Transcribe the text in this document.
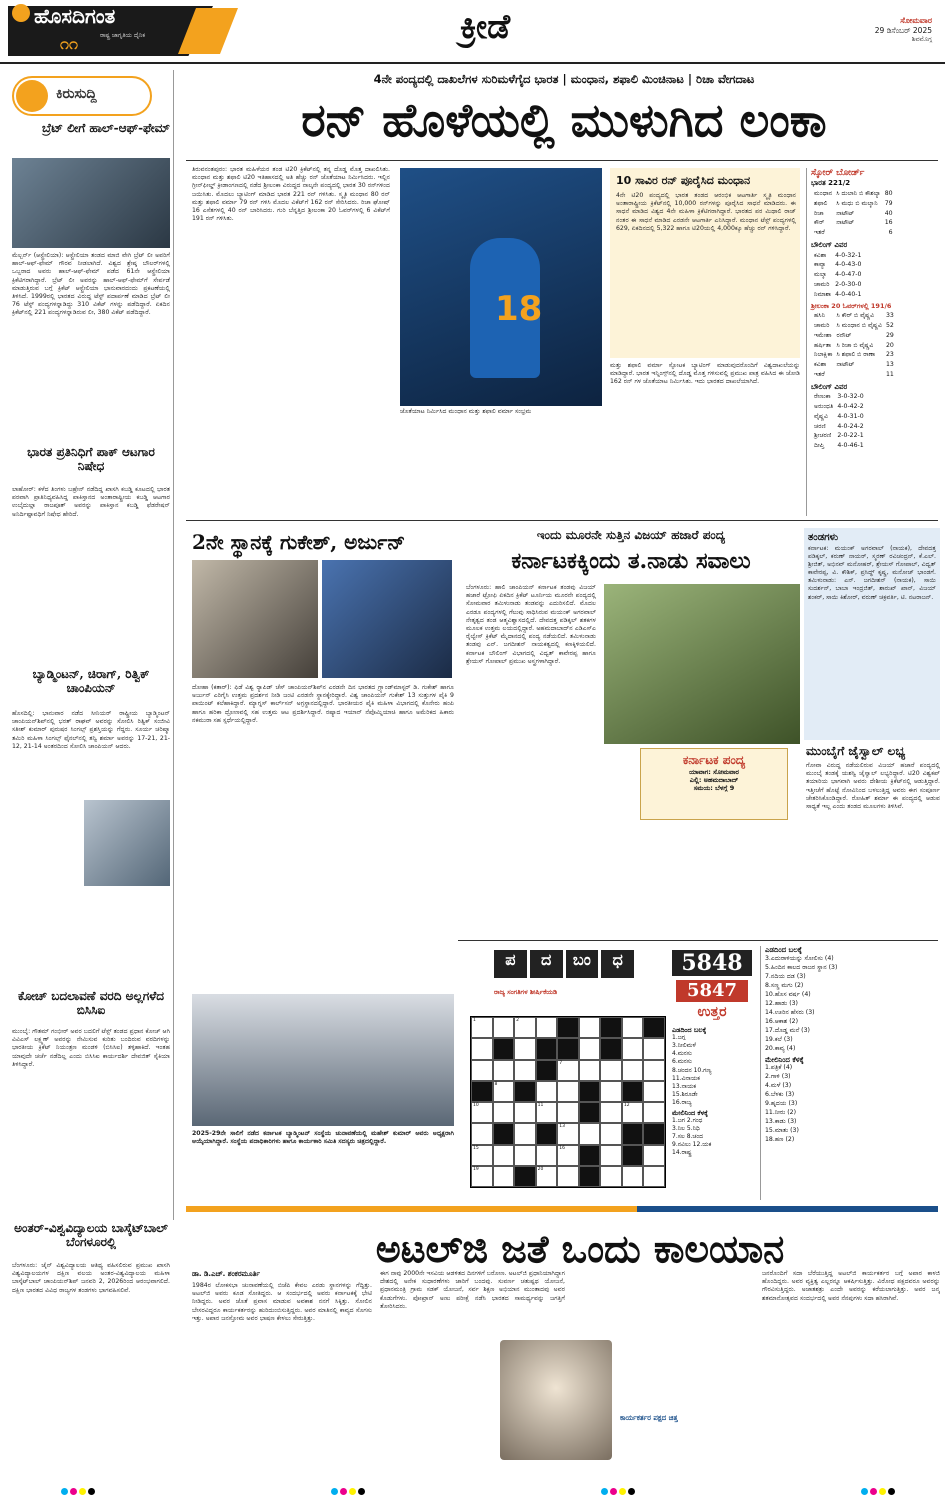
ಹೊಸದಿಗಂತ
ರಾಷ್ಟ್ರ ಜಾಗೃತಿಯ ದೈನಿಕ
೧೧	ಕ್ರೀಡೆ	ಸೋಮವಾರ
29 ಡಿಸೆಂಬರ್ 2025
ಶಿವಮೊಗ್ಗ
ಕಿರುಸುದ್ದಿ
ಬ್ರೆಟ್ ಲೀಗೆ ಹಾಲ್-ಆಫ್-ಫೇಮ್
ಮೆಲ್ಬರ್ನ್ (ಆಸ್ಟ್ರೇಲಿಯಾ): ಆಸ್ಟ್ರೇಲಿಯಾ ತಂಡದ ಮಾಜಿ ವೇಗಿ ಬ್ರೆಟ್ ಲೀ ಅವರಿಗೆ ಹಾಲ್-ಆಫ್-ಫೇಮ್ ಗೌರವ ನೀಡಲಾಗಿದೆ. ವಿಶ್ವದ ಶ್ರೇಷ್ಠ ಬೌಲರ್‌ಗಳಲ್ಲಿ ಒಬ್ಬರಾದ ಅವರು ಹಾಲ್-ಆಫ್-ಫೇಮ್ ಪಡೆದ 61ನೇ ಆಸ್ಟ್ರೇಲಿಯಾ ಕ್ರಿಕೆಟಿಗರಾಗಿದ್ದಾರೆ. ಬ್ರೆಟ್ ಲೀ ಅವರನ್ನು ಹಾಲ್-ಆಫ್-ಫೇಮ್‌ಗೆ ಸೇರ್ಪಡೆ ಮಾಡುತ್ತಿರುವ ಬಗ್ಗೆ ಕ್ರಿಕೆಟ್ ಆಸ್ಟ್ರೇಲಿಯಾ ಭಾನುವಾರದಂದು ಪ್ರಕಟಣೆಯಲ್ಲಿ ತಿಳಿಸಿದೆ. 1999ರಲ್ಲಿ ಭಾರತದ ವಿರುದ್ಧ ಟೆಸ್ಟ್ ಪದಾರ್ಪಣೆ ಮಾಡಿದ ಬ್ರೆಟ್ ಲೀ 76 ಟೆಸ್ಟ್ ಪಂದ್ಯಗಳನ್ನಾಡಿದ್ದು 310 ವಿಕೆಟ್ ಗಳನ್ನು ಪಡೆದಿದ್ದಾರೆ. ಏಕದಿನ ಕ್ರಿಕೆಟ್‌ನಲ್ಲಿ 221 ಪಂದ್ಯಗಳನ್ನಾಡಿರುವ ಲೀ, 380 ವಿಕೆಟ್ ಪಡೆದಿದ್ದಾರೆ.
ಭಾರತ ಪ್ರತಿನಿಧಿಗೆ ಪಾಕ್ ಆಟಗಾರ ನಿಷೇಧ
ಲಾಹೋರ್: ಕಳೆದ ತಿಂಗಳು ಬಹ್ರೇನ್ ನಡೆದಿದ್ದ ಖಾಸಗಿ ಕಬಡ್ಡಿ ಕೂಟದಲ್ಲಿ ಭಾರತ ಪರವಾಗಿ ಪ್ರಾತಿನಿಧ್ಯವಹಿಸಿದ್ದ ಪಾಕಿಸ್ತಾನದ ಅಂತಾರಾಷ್ಟ್ರೀಯ ಕಬಡ್ಡಿ ಆಟಗಾರ ಉಬೈದುಲ್ಲಾ ರಾಜಪೂತ್ ಅವರನ್ನು ಪಾಕಿಸ್ತಾನ ಕಬಡ್ಡಿ ಫೆಡರೇಷನ್ ಅನಿರ್ದಿಷ್ಟಾವಧಿಗೆ ನಿಷೇಧ ಹೇರಿದೆ.
ಬ್ಯಾಡ್ಮಿಂಟನ್, ಚಿರಾಗ್, ರಿತ್ವಿಕ್ ಚಾಂಪಿಯನ್
ಹೊಸದಿಲ್ಲಿ: ಭಾನುವಾರ ನಡೆದ ಸೀನಿಯರ್ ರಾಷ್ಟ್ರೀಯ ಬ್ಯಾಡ್ಮಿಂಟನ್ ಚಾಂಪಿಯನ್‌ಶಿಪ್‌ನಲ್ಲಿ ಭರತ್ ರಾಘವ್ ಅವರನ್ನು ಸೋಲಿಸಿ ರಿತ್ವಿಕ್ ಸಂಜೀವಿ ಸತೀಶ್ ಕುಮಾರ್ ಪುರುಷರ ಸಿಂಗಲ್ಸ್ ಪ್ರಶಸ್ತಿಯನ್ನು ಗೆದ್ದರು. ಸೂರ್ಯ ಚರಿಷ್ಮಾ ತಮಿರಿ ಮಹಿಳಾ ಸಿಂಗಲ್ಸ್ ಫೈನಲ್‌ನಲ್ಲಿ ತನ್ವಿ ಶರ್ಮಾ ಅವರನ್ನು 17-21, 21-12, 21-14 ಅಂತರದಿಂದ ಸೋಲಿಸಿ ಚಾಂಪಿಯನ್ ಆದರು.
ಕೋಚ್ ಬದಲಾವಣೆ ವರದಿ ಅಲ್ಲಗಳೆದ ಬಿಸಿಸಿಐ
ಮುಂಬೈ: ಗೌತಮ್ ಗಂಭೀರ್ ಅವರ ಬದಲಿಗೆ ಟೆಸ್ಟ್ ತಂಡದ ಪ್ರಧಾನ ಕೋಚ್ ಆಗಿ ವಿವಿಎಸ್ ಲಕ್ಷ್ಮಣ್ ಅವರನ್ನು ನೇಮಿಸುವ ಕುರಿತು ಬಂದಿರುವ ವರದಿಗಳನ್ನು ಭಾರತೀಯ ಕ್ರಿಕೆಟ್ ನಿಯಂತ್ರಣ ಮಂಡಳಿ (ಬಿಸಿಸಿಐ) ತಳ್ಳಿಹಾಕಿದೆ. ಇಂತಹ ಯಾವುದೇ ಚರ್ಚೆ ನಡೆದಿಲ್ಲ ಎಂದು ಬಿಸಿಸಿಐ ಕಾರ್ಯದರ್ಶಿ ದೇವಜಿತ್ ಸೈಕಿಯಾ ತಿಳಿಸಿದ್ದಾರೆ.
ಅಂತರ್-ವಿಶ್ವವಿದ್ಯಾಲಯ ಬಾಸ್ಕೆಟ್‌ಬಾಲ್ ಬೆಂಗಳೂರಲ್ಲಿ
ಬೆಂಗಳೂರು: ಜೈನ್ ವಿಶ್ವವಿದ್ಯಾಲಯ ಆತಿಥ್ಯ ವಹಿಸಲಿರುವ ಪ್ರಮುಖ ಖಾಸಗಿ ವಿಶ್ವವಿದ್ಯಾಲಯಗಳ ದಕ್ಷಿಣ ವಲಯ ಅಂತರ-ವಿಶ್ವವಿದ್ಯಾಲಯ ಮಹಿಳಾ ಬಾಸ್ಕೆಟ್‌ಬಾಲ್ ಚಾಂಪಿಯನ್‌ಶಿಪ್ ಜನವರಿ 2, 2026ರಿಂದ ಆರಂಭವಾಗಲಿದೆ. ದಕ್ಷಿಣ ಭಾರತದ ವಿವಿಧ ರಾಜ್ಯಗಳ ತಂಡಗಳು ಭಾಗವಹಿಸಲಿವೆ.
4ನೇ ಪಂದ್ಯದಲ್ಲಿ ದಾಖಲೆಗಳ ಸುರಿಮಳೆಗೈದ ಭಾರತ | ಮಂಧಾನ, ಶಫಾಲಿ ಮಿಂಚಿನಾಟ | ರಿಚಾ ವೇಗದಾಟ
ರನ್ ಹೊಳೆಯಲ್ಲಿ ಮುಳುಗಿದ ಲಂಕಾ
ತಿರುವನಂತಪುರಂ: ಭಾರತ ಮಹಿಳೆಯರ ತಂಡ ಟಿ20 ಕ್ರಿಕೆಟ್‌ನಲ್ಲಿ ತನ್ನ ದೊಡ್ಡ ಮೊತ್ತ ದಾಖಲಿಸಿತು. ಮಂಧಾನ ಮತ್ತು ಶಫಾಲಿ ಟಿ20 ಇತಿಹಾಸದಲ್ಲಿ ಅತಿ ಹೆಚ್ಚು ರನ್ ಜೊತೆಯಾಟ ನಿರ್ಮಿಸಿದರು. ಇಲ್ಲಿನ ಗ್ರೀನ್‌ಫೀಲ್ಡ್ ಕ್ರೀಡಾಂಗಣದಲ್ಲಿ ನಡೆದ ಶ್ರೀಲಂಕಾ ವಿರುದ್ಧದ ನಾಲ್ಕನೇ ಪಂದ್ಯದಲ್ಲಿ ಭಾರತ 30 ರನ್‌ಗಳಿಂದ ಜಯಿಸಿತು. ಮೊದಲು ಬ್ಯಾಟಿಂಗ್ ಮಾಡಿದ ಭಾರತ 221 ರನ್ ಗಳಿಸಿತು. ಸ್ಮೃತಿ ಮಂಧಾನ 80 ರನ್ ಮತ್ತು ಶಫಾಲಿ ವರ್ಮಾ 79 ರನ್ ಗಳಿಸಿ ಮೊದಲ ವಿಕೆಟ್‌ಗೆ 162 ರನ್ ಸೇರಿಸಿದರು. ರಿಚಾ ಘೋಷ್ 16 ಎಸೆತಗಳಲ್ಲಿ 40 ರನ್ ಬಾರಿಸಿದರು. ಗುರಿ ಬೆನ್ನತ್ತಿದ ಶ್ರೀಲಂಕಾ 20 ಓವರ್‌ಗಳಲ್ಲಿ 6 ವಿಕೆಟ್‌ಗೆ 191 ರನ್ ಗಳಿಸಿತು.
18
ಜೊತೆಯಾಟ ನಿರ್ಮಿಸಿದ ಮಂಧಾನ ಮತ್ತು ಶಫಾಲಿ ವರ್ಮಾ ಸಂಭ್ರಮ
10 ಸಾವಿರ ರನ್ ಪೂರೈಸಿದ ಮಂಧಾನ
4ನೇ ಟಿ20 ಪಂದ್ಯದಲ್ಲಿ ಭಾರತ ತಂಡದ ಆರಂಭಿಕ ಆಟಗಾರ್ತಿ ಸ್ಮೃತಿ ಮಂಧಾನ ಅಂತಾರಾಷ್ಟ್ರೀಯ ಕ್ರಿಕೆಟ್‌ನಲ್ಲಿ 10,000 ರನ್‌ಗಳನ್ನು ಪೂರೈಸಿದ ಸಾಧನೆ ಮಾಡಿದರು. ಈ ಸಾಧನೆ ಮಾಡಿದ ವಿಶ್ವದ 4ನೇ ಮಹಿಳಾ ಕ್ರಿಕೆಟಿಗರಾಗಿದ್ದಾರೆ. ಭಾರತದ ಪರ ಮಿಥಾಲಿ ರಾಜ್ ನಂತರ ಈ ಸಾಧನೆ ಮಾಡಿದ ಎರಡನೇ ಆಟಗಾರ್ತಿ ಎನಿಸಿದ್ದಾರೆ. ಮಂಧಾನ ಟೆಸ್ಟ್ ಪಂದ್ಯಗಳಲ್ಲಿ 629, ಏಕದಿನದಲ್ಲಿ 5,322 ಹಾಗೂ ಟಿ20ಯಲ್ಲಿ 4,000ಕ್ಕೂ ಹೆಚ್ಚು ರನ್ ಗಳಿಸಿದ್ದಾರೆ.
ಮತ್ತು ಶಫಾಲಿ ವರ್ಮಾ ಸ್ಫೋಟಕ ಬ್ಯಾಟಿಂಗ್ ಮಾಡುವುದರೊಂದಿಗೆ ವಿಶ್ವದಾಖಲೆಯನ್ನು ಮಾಡಿದ್ದಾರೆ. ಭಾರತ ಇನ್ನಿಂಗ್ಸ್‌ನಲ್ಲಿ ದೊಡ್ಡ ಮೊತ್ತ ಗಳಿಸುವಲ್ಲಿ ಪ್ರಮುಖ ಪಾತ್ರ ವಹಿಸಿದ ಈ ಜೋಡಿ 162 ರನ್ ಗಳ ಜೊತೆಯಾಟ ನಿರ್ಮಿಸಿತು. ಇದು ಭಾರತದ ದಾಖಲೆಯಾಗಿದೆ.
ಸ್ಕೋರ್ ಬೋರ್ಡ್
ಭಾರತ 221/2
ಮಂಧಾನ	ಸಿ ದುಲಾನಿ ಬಿ ಕೌಶಲ್ಯಾ	80
ಶಫಾಲಿ	ಸಿ ಮಧು ಬಿ ಮಲ್ಶಾನಿ	79
ರಿಚಾ	ನಾಟೌಟ್	40
ಕೌರ್	ನಾಟೌಟ್	16
ಇತರೆ		6
ಬೌಲಿಂಗ್ ವಿವರ
ಕವಿಶಾ	4-0-32-1
ಕಾವ್ಯಾ	4-0-43-0
ಮಲ್ಶಾ	4-0-47-0
ಚಾಮರಿ	2-0-30-0
ನಿಮಾಶಾ	4-0-40-1
ಶ್ರೀಲಂಕಾ 20 ಓವರ್‌ಗಳಲ್ಲಿ 191/6
ಹಸಿನಿ	ಸಿ ಕೌರ್ ಬಿ ವೈಷ್ಣವಿ	33
ಚಾಮರಿ	ಸಿ ಮಂಧಾನ ಬಿ ವೈಷ್ಣವಿ	52
ಇಮೇಶಾ	ರನೌಟ್	29
ಹರ್ಷಿತಾ	ಸಿ ರಿಚಾ ಬಿ ವೈಷ್ಣವಿ	20
ನಿಲಾಕ್ಷಿಕಾ	ಸಿ ಶಫಾಲಿ ಬಿ ರಾಣಾ	23
ಕವಿಶಾ	ನಾಟೌಟ್	13
ಇತರೆ		11
ಬೌಲಿಂಗ್ ವಿವರ
ರೇಣುಕಾ	3-0-32-0
ಅರುಂಧತಿ	4-0-42-2
ವೈಷ್ಣವಿ	4-0-31-0
ಚರಣಿ	4-0-24-2
ಶ್ರೀಚರಣಿ	2-0-22-1
ದೀಪ್ತಿ	4-0-46-1
2ನೇ ಸ್ಥಾನಕ್ಕೆ ಗುಕೇಶ್, ಅರ್ಜುನ್
ದೋಹಾ (ಕತಾರ್): ಫಿಡೆ ವಿಶ್ವ ರ‍್ಯಾಪಿಡ್ ಚೆಸ್ ಚಾಂಪಿಯನ್‌ಶಿಪ್‌ನ ಎರಡನೇ ದಿನ ಭಾರತದ ಗ್ರ್ಯಾಂಡ್‌ಮಾಸ್ಟರ್ ಡಿ. ಗುಕೇಶ್ ಹಾಗೂ ಅರ್ಜುನ್ ಎರಿಗೈಸಿ ಉತ್ತಮ ಪ್ರದರ್ಶನ ನೀಡಿ ಜಂಟಿ ಎರಡನೇ ಸ್ಥಾನಕ್ಕೇರಿದ್ದಾರೆ. ವಿಶ್ವ ಚಾಂಪಿಯನ್ ಗುಕೇಶ್ 13 ಸುತ್ತುಗಳ ಪೈಕಿ 9 ಪಾಯಿಂಟ್ ಕಲೆಹಾಕಿದ್ದಾರೆ. ಮ್ಯಾಗ್ನಸ್ ಕಾರ್ಲ್‌ಸನ್ ಅಗ್ರಸ್ಥಾನದಲ್ಲಿದ್ದಾರೆ. ಭಾರತೀಯರ ಪೈಕಿ ಮಹಿಳಾ ವಿಭಾಗದಲ್ಲಿ ಕೊನೇರು ಹಂಪಿ ಹಾಗೂ ಹರಿಕಾ ದ್ರೋಣವಲ್ಲಿ ಸಹ ಉತ್ತಮ ಆಟ ಪ್ರದರ್ಶಿಸಿದ್ದಾರೆ. ರಷ್ಯಾದ ಇಯಾನ್ ನೆಪೊಮ್ನಿಯಾಚಿ ಹಾಗೂ ಅಮೆರಿಕದ ಹಿಕಾರು ನಕಮುರಾ ಸಹ ಸ್ಪರ್ಧೆಯಲ್ಲಿದ್ದಾರೆ.
2025-29ನೇ ಸಾಲಿಗೆ ನಡೆದ ಕರ್ನಾಟಕ ಬ್ಯಾಡ್ಮಿಂಟನ್ ಸಂಸ್ಥೆಯ ಚುನಾವಣೆಯಲ್ಲಿ ಮಹೇಶ್ ಕುಮಾರ್ ಅವರು ಅಧ್ಯಕ್ಷರಾಗಿ ಆಯ್ಕೆಯಾಗಿದ್ದಾರೆ. ಸಂಸ್ಥೆಯ ಪದಾಧಿಕಾರಿಗಳು ಹಾಗೂ ಕಾರ್ಯಕಾರಿ ಸಮಿತಿ ಸದಸ್ಯರು ಚಿತ್ರದಲ್ಲಿದ್ದಾರೆ.
ಇಂದು ಮೂರನೇ ಸುತ್ತಿನ ವಿಜಯ್ ಹಜಾರೆ ಪಂದ್ಯ
ಕರ್ನಾಟಕಕ್ಕಿಂದು ತ.ನಾಡು ಸವಾಲು
ಬೆಂಗಳೂರು: ಹಾಲಿ ಚಾಂಪಿಯನ್ ಕರ್ನಾಟಕ ತಂಡವು ವಿಜಯ್ ಹಜಾರೆ ಟ್ರೋಫಿ ಏಕದಿನ ಕ್ರಿಕೆಟ್ ಟೂರ್ನಿಯ ಮೂರನೇ ಪಂದ್ಯದಲ್ಲಿ ಸೋಮವಾರ ತಮಿಳುನಾಡು ತಂಡವನ್ನು ಎದುರಿಸಲಿದೆ. ಮೊದಲ ಎರಡೂ ಪಂದ್ಯಗಳಲ್ಲಿ ಗೆಲುವು ಸಾಧಿಸಿರುವ ಮಯಂಕ್ ಅಗರವಾಲ್ ನೇತೃತ್ವದ ತಂಡ ಆತ್ಮವಿಶ್ವಾಸದಲ್ಲಿದೆ. ದೇವದತ್ತ ಪಡಿಕ್ಕಲ್ ಶತಕಗಳ ಮೂಲಕ ಉತ್ತಮ ಲಯದಲ್ಲಿದ್ದಾರೆ. ಅಹಮದಾಬಾದ್‌ನ ಎಡಿಎಸ್‌ಎ ರೈಲ್ವೇಸ್ ಕ್ರಿಕೆಟ್ ಮೈದಾನದಲ್ಲಿ ಪಂದ್ಯ ನಡೆಯಲಿದೆ. ತಮಿಳುನಾಡು ತಂಡವು ಎನ್. ಜಗದೀಶನ್ ನಾಯಕತ್ವದಲ್ಲಿ ಕಣಕ್ಕಿಳಿಯಲಿದೆ. ಕರ್ನಾಟಕ ಬೌಲಿಂಗ್ ವಿಭಾಗದಲ್ಲಿ ವಿದ್ವತ್ ಕಾವೇರಪ್ಪ ಹಾಗೂ ಶ್ರೇಯಸ್ ಗೋಪಾಲ್ ಪ್ರಮುಖ ಅಸ್ತ್ರಗಳಾಗಿದ್ದಾರೆ.
ಕರ್ನಾಟಕ ಪಂದ್ಯ
ಯಾವಾಗ: ಸೋಮವಾರ
ಎಲ್ಲಿ: ಅಹಮದಾಬಾದ್
ಸಮಯ: ಬೆಳಗ್ಗೆ 9
ತಂಡಗಳು
ಕರ್ನಾಟಕ: ಮಯಂಕ್ ಅಗರವಾಲ್ (ನಾಯಕ), ದೇವದತ್ತ ಪಡಿಕ್ಕಲ್, ಕರುಣ್ ನಾಯರ್, ಸ್ಮರಣ್ ರವಿಚಂದ್ರನ್, ಕೆ.ಎಲ್. ಶ್ರೀಜಿತ್, ಅಭಿನವ್ ಮನೋಹರ್, ಶ್ರೇಯಸ್ ಗೋಪಾಲ್, ವಿದ್ವತ್ ಕಾವೇರಪ್ಪ, ವಿ. ಕೌಶಿಕ್, ಪ್ರಸಿದ್ಧ್ ಕೃಷ್ಣ, ಮನೋಜ್ ಭಾಂಡಗೆ. ತಮಿಳುನಾಡು: ಎನ್. ಜಗದೀಶನ್ (ನಾಯಕ), ಸಾಯಿ ಸುದರ್ಶನ್, ಬಾಬಾ ಇಂದ್ರಜಿತ್, ಶಾರುಖ್ ಖಾನ್, ವಿಜಯ್ ಶಂಕರ್, ಸಾಯಿ ಕಿಶೋರ್, ವರುಣ್ ಚಕ್ರವರ್ತಿ, ಟಿ. ನಟರಾಜನ್.
ಮುಂಬೈಗೆ ಜೈಸ್ವಾಲ್ ಲಭ್ಯ
ಗೋವಾ ವಿರುದ್ಧ ನಡೆಯಲಿರುವ ವಿಜಯ್ ಹಜಾರೆ ಪಂದ್ಯದಲ್ಲಿ ಮುಂಬೈ ತಂಡಕ್ಕೆ ಯಶಸ್ವಿ ಜೈಸ್ವಾಲ್ ಲಭ್ಯರಿದ್ದಾರೆ. ಟಿ20 ವಿಶ್ವಕಪ್ ತಯಾರಿಯ ಭಾಗವಾಗಿ ಅವರು ದೇಶೀಯ ಕ್ರಿಕೆಟ್‌ನಲ್ಲಿ ಆಡುತ್ತಿದ್ದಾರೆ. ಇತ್ತೀಚೆಗೆ ಹೊಟ್ಟೆ ನೋವಿನಿಂದ ಬಳಲುತ್ತಿದ್ದ ಅವರು ಈಗ ಸಂಪೂರ್ಣ ಚೇತರಿಸಿಕೊಂಡಿದ್ದಾರೆ. ರೋಹಿತ್ ಶರ್ಮಾ ಈ ಪಂದ್ಯದಲ್ಲಿ ಆಡುವ ಸಾಧ್ಯತೆ ಇಲ್ಲ ಎಂದು ತಂಡದ ಮೂಲಗಳು ತಿಳಿಸಿವೆ.
ಪ	ದ	ಬಂ	ಧ
ರಾಜ್ಯ ಸಂಗತಿಗಳ ಶೀರ್ಷಿಕೆಯಡಿ
5848
5847
ಉತ್ತರ
1	2
7
8
10	11	12
13
15	16
19	20
ಎಡದಿಂದ ಬಲಕ್ಕೆ
1.ಜಗ್ಗ
3.ನೀಲಿಮಳೆ
4.ಮನಸು
6.ಮನಸು
8.ಚಂದನ 10.ಗಣ್ಯ
11.ವಿನಾಯಕ
13.ನಾಯಕ
15.ಶಿರೂಡೇ
16.ರಾಜ್ಯ
ಮೇಲಿನಿಂದ ಕೆಳಕ್ಕೆ
1.ಜಗ 2.ಗಂಧ
3.ನಿಲ 5.ನಿಧಿ
7.ಸಲ 8.ಚಂದ
9.ನವಿಲು 12.ಯಕ
14.ರಾಷ್ಟ್ರ
ಎಡದಿಂದ ಬಲಕ್ಕೆ
3.ಎದುರಾಳಿಯನ್ನು ಸೋಲಿಸು (4)
5.ಹಿಂದಿನ ಕಾಲದ ರಾಜರ ಸ್ಥಾನ (3)
7.ನದಿಯ ದಡ (3)
8.ಸಣ್ಣ ಮಗು (2)
10.ಹೊಸ ವರ್ಷ (4)
12.ಹಾಡು (3)
14.ಊರಿನ ಹೆಸರು (3)
16.ಆಕಾಶ (2)
17.ದೊಡ್ಡ ಮನೆ (3)
19.ಕಲೆ (3)
20.ಕಾವ್ಯ (4)
ಮೇಲಿನಿಂದ ಕೆಳಕ್ಕೆ
1.ಪತ್ರಿಕೆ (4)
2.ಗಾಳಿ (3)
4.ಮಳೆ (3)
6.ಬೆಳಕು (3)
9.ಹೃದಯ (3)
11.ನೀರು (2)
13.ಕಾಡು (3)
15.ಮಾತು (3)
18.ಹಣ (2)
ಅಟಲ್‌ಜಿ ಜತೆ ಒಂದು ಕಾಲಯಾನ
ಡಾ. ಡಿ.ಎಚ್. ಶಂಕರಮೂರ್ತಿ
1984ರ ಲೋಕಸಭಾ ಚುನಾವಣೆಯಲ್ಲಿ ಬಿಜೆಪಿ ಕೇವಲ ಎರಡು ಸ್ಥಾನಗಳನ್ನು ಗೆದ್ದಿತ್ತು. ಅಟಲ್‌ಜಿ ಅವರು ಕೂಡ ಸೋತಿದ್ದರು. ಆ ಸಂದರ್ಭದಲ್ಲಿ ಅವರು ಕರ್ನಾಟಕಕ್ಕೆ ಭೇಟಿ ನೀಡಿದ್ದರು. ಅವರ ಜೊತೆ ಪ್ರವಾಸ ಮಾಡುವ ಅವಕಾಶ ನನಗೆ ಸಿಕ್ಕಿತ್ತು. ಸೋಲಿನ ಬೇಸರವಿದ್ದರೂ ಕಾರ್ಯಕರ್ತರನ್ನು ಹುರಿದುಂಬಿಸುತ್ತಿದ್ದರು. ಅವರ ಮಾತಿನಲ್ಲಿ ಕಾವ್ಯದ ಸೊಗಸು ಇತ್ತು. ಅಪಾರ ಜನಸ್ತೋಮ ಅವರ ಭಾಷಣ ಕೇಳಲು ಸೇರುತ್ತಿತ್ತು.
ಈಗ ನಾವು 2000ನೇ ಇಸವಿಯ ಆಡಳಿತದ ದಿನಗಳಿಗೆ ಬರೋಣ. ಅಟಲ್‌ಜಿ ಪ್ರಧಾನಿಯಾಗಿದ್ದಾಗ ದೇಶದಲ್ಲಿ ಅನೇಕ ಸುಧಾರಣೆಗಳು ಜಾರಿಗೆ ಬಂದವು. ಸುವರ್ಣ ಚತುಷ್ಪಥ ಯೋಜನೆ, ಪ್ರಧಾನಮಂತ್ರಿ ಗ್ರಾಮ ಸಡಕ್ ಯೋಜನೆ, ಸರ್ವ ಶಿಕ್ಷಣ ಅಭಿಯಾನ ಮುಂತಾದವು ಅವರ ಕೊಡುಗೆಗಳು. ಪೋಖ್ರಾನ್ ಅಣು ಪರೀಕ್ಷೆ ನಡೆಸಿ ಭಾರತದ ಸಾಮರ್ಥ್ಯವನ್ನು ಜಗತ್ತಿಗೆ ತೋರಿಸಿದರು.
ಕಾರ್ಯಕರ್ತರ ಪಕ್ಷದ ಚಿತ್ತ
ಜನರೊಂದಿಗೆ ಸದಾ ಬೆರೆಯುತ್ತಿದ್ದ ಅಟಲ್‌ಜಿ ಕಾರ್ಯಕರ್ತರ ಬಗ್ಗೆ ಅಪಾರ ಕಾಳಜಿ ಹೊಂದಿದ್ದರು. ಅವರ ವ್ಯಕ್ತಿತ್ವ ಎಲ್ಲರನ್ನೂ ಆಕರ್ಷಿಸುತ್ತಿತ್ತು. ವಿರೋಧ ಪಕ್ಷದವರೂ ಅವರನ್ನು ಗೌರವಿಸುತ್ತಿದ್ದರು. ಅಜಾತಶತ್ರು ಎಂದೇ ಅವರನ್ನು ಕರೆಯಲಾಗುತ್ತಿತ್ತು. ಅವರ ಜನ್ಮ ಶತಮಾನೋತ್ಸವದ ಸಂದರ್ಭದಲ್ಲಿ ಅವರ ನೆನಪುಗಳು ಸದಾ ಹಸಿರಾಗಿವೆ.
